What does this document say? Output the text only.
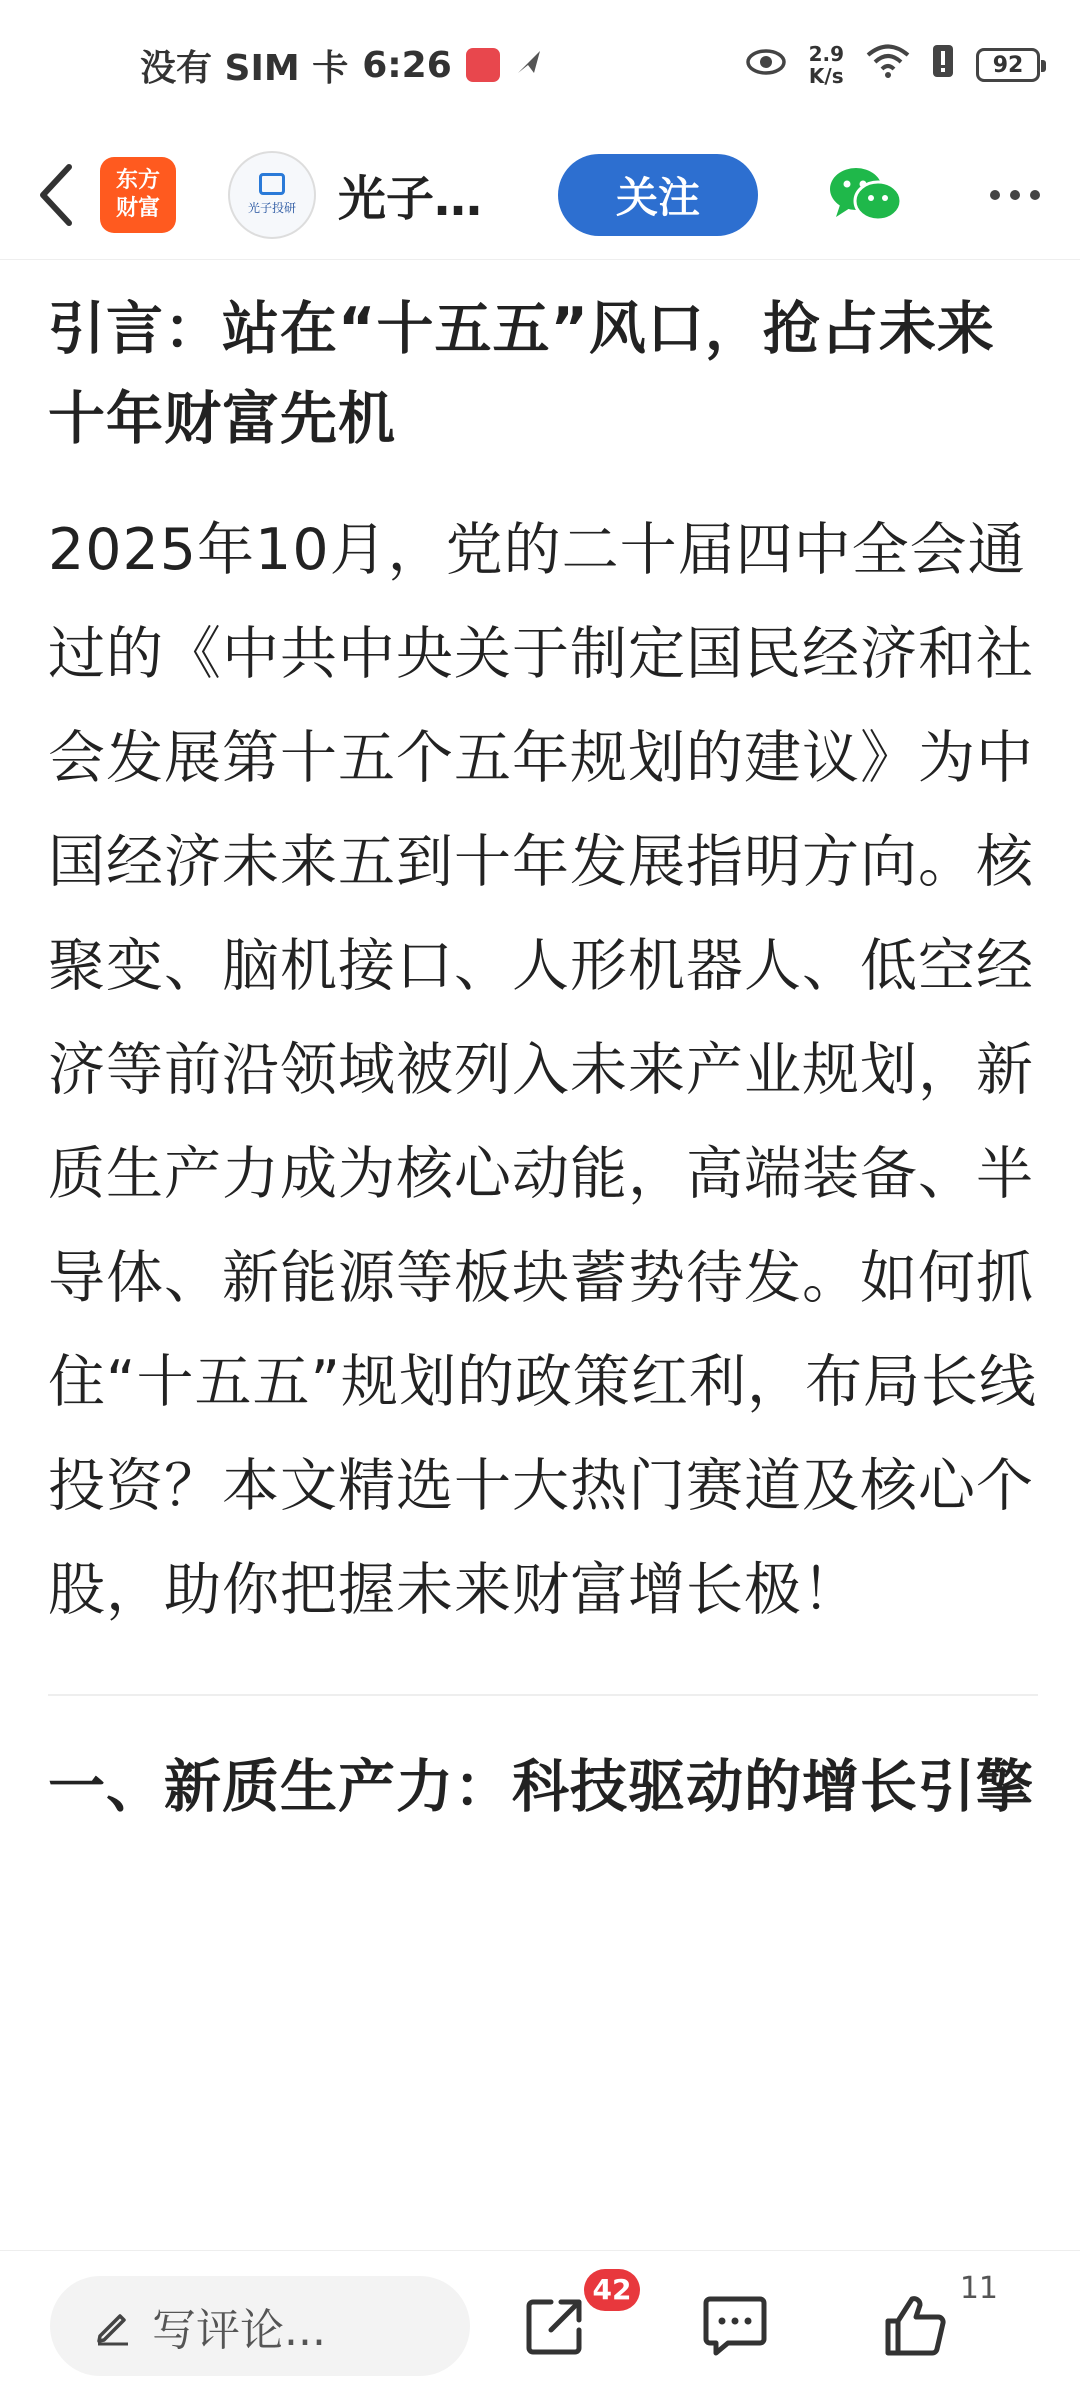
没有 SIM 卡 6:26	2.9
K/s	92
东方财富	光子投研 光子…	关注
引言：站在“十五五”风口，抢占未来十年财富先机

2025年10月，党的二十届四中全会通过的《中共中央关于制定国民经济和社会发展第十五个五年规划的建议》为中国经济未来五到十年发展指明方向。核聚变、脑机接口、人形机器人、低空经济等前沿领域被列入未来产业规划，新质生产力成为核心动能，高端装备、半导体、新能源等板块蓄势待发。如何抓住“十五五”规划的政策红利，布局长线投资？本文精选十大热门赛道及核心个股，助你把握未来财富增长极！

一、新质生产力：科技驱动的增长引擎
写评论...
42	11
